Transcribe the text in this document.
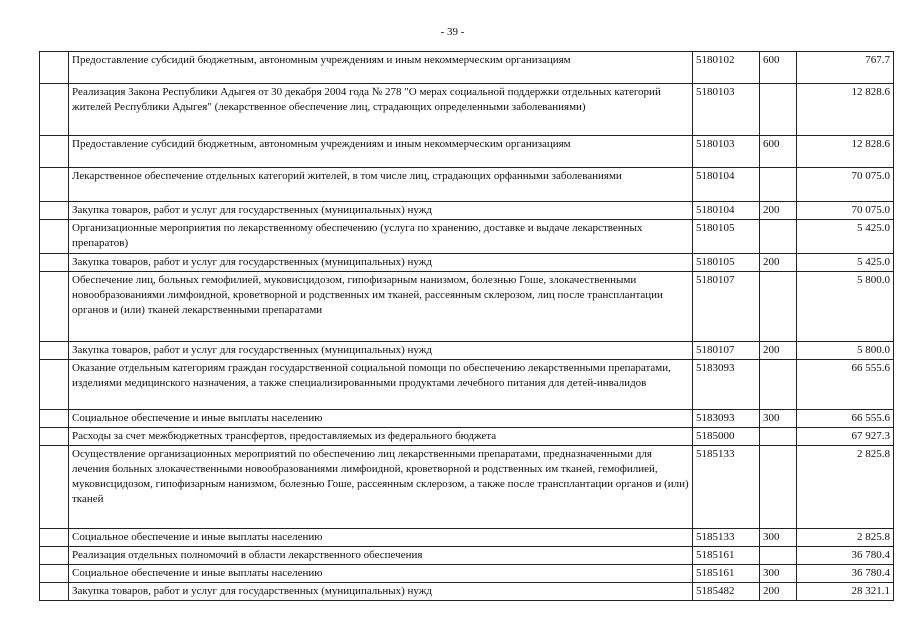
- 39 -
	Предоставление субсидий бюджетным, автономным учреждениям и иным некоммерческим организациям	5180102	600	767.7
	Реализация Закона Республики Адыгея от 30 декабря 2004 года № 278 "О мерах социальной поддержки отдельных категорий жителей Республики Адыгея" (лекарственное обеспечение лиц, страдающих определенными заболеваниями)	5180103		12 828.6
	Предоставление субсидий бюджетным, автономным учреждениям и иным некоммерческим организациям	5180103	600	12 828.6
	Лекарственное обеспечение отдельных категорий жителей, в том числе лиц, страдающих орфанными заболеваниями	5180104		70 075.0
	Закупка товаров, работ и услуг для государственных (муниципальных) нужд	5180104	200	70 075.0
	Организационные мероприятия по лекарственному обеспечению (услуга по хранению, доставке и выдаче лекарственных препаратов)	5180105		5 425.0
	Закупка товаров, работ и услуг для государственных (муниципальных) нужд	5180105	200	5 425.0
	Обеспечение лиц, больных гемофилией, муковисцидозом, гипофизарным нанизмом, болезнью Гоше, злокачественными новообразованиями лимфоидной, кроветворной и родственных им тканей, рассеянным склерозом, лиц после трансплантации органов и (или) тканей лекарственными препаратами	5180107		5 800.0
	Закупка товаров, работ и услуг для государственных (муниципальных) нужд	5180107	200	5 800.0
	Оказание отдельным категориям граждан государственной социальной помощи по обеспечению лекарственными препаратами, изделиями медицинского назначения, а также специализированными продуктами лечебного питания для детей-инвалидов	5183093		66 555.6
	Социальное обеспечение и иные выплаты населению	5183093	300	66 555.6
	Расходы за счет межбюджетных трансфертов, предоставляемых из федерального бюджета	5185000		67 927.3
	Осуществление организационных мероприятий по обеспечению лиц лекарственными препаратами, предназначенными для лечения больных злокачественными новообразованиями лимфоидной, кроветворной и родственных им тканей, гемофилией, муковисцидозом, гипофизарным нанизмом, болезнью Гоше, рассеянным склерозом, а также после трансплантации органов и (или) тканей	5185133		2 825.8
	Социальное обеспечение и иные выплаты населению	5185133	300	2 825.8
	Реализация отдельных полномочий в области лекарственного обеспечения	5185161		36 780.4
	Социальное обеспечение и иные выплаты населению	5185161	300	36 780.4
	Закупка товаров, работ и услуг для государственных (муниципальных) нужд	5185482	200	28 321.1
